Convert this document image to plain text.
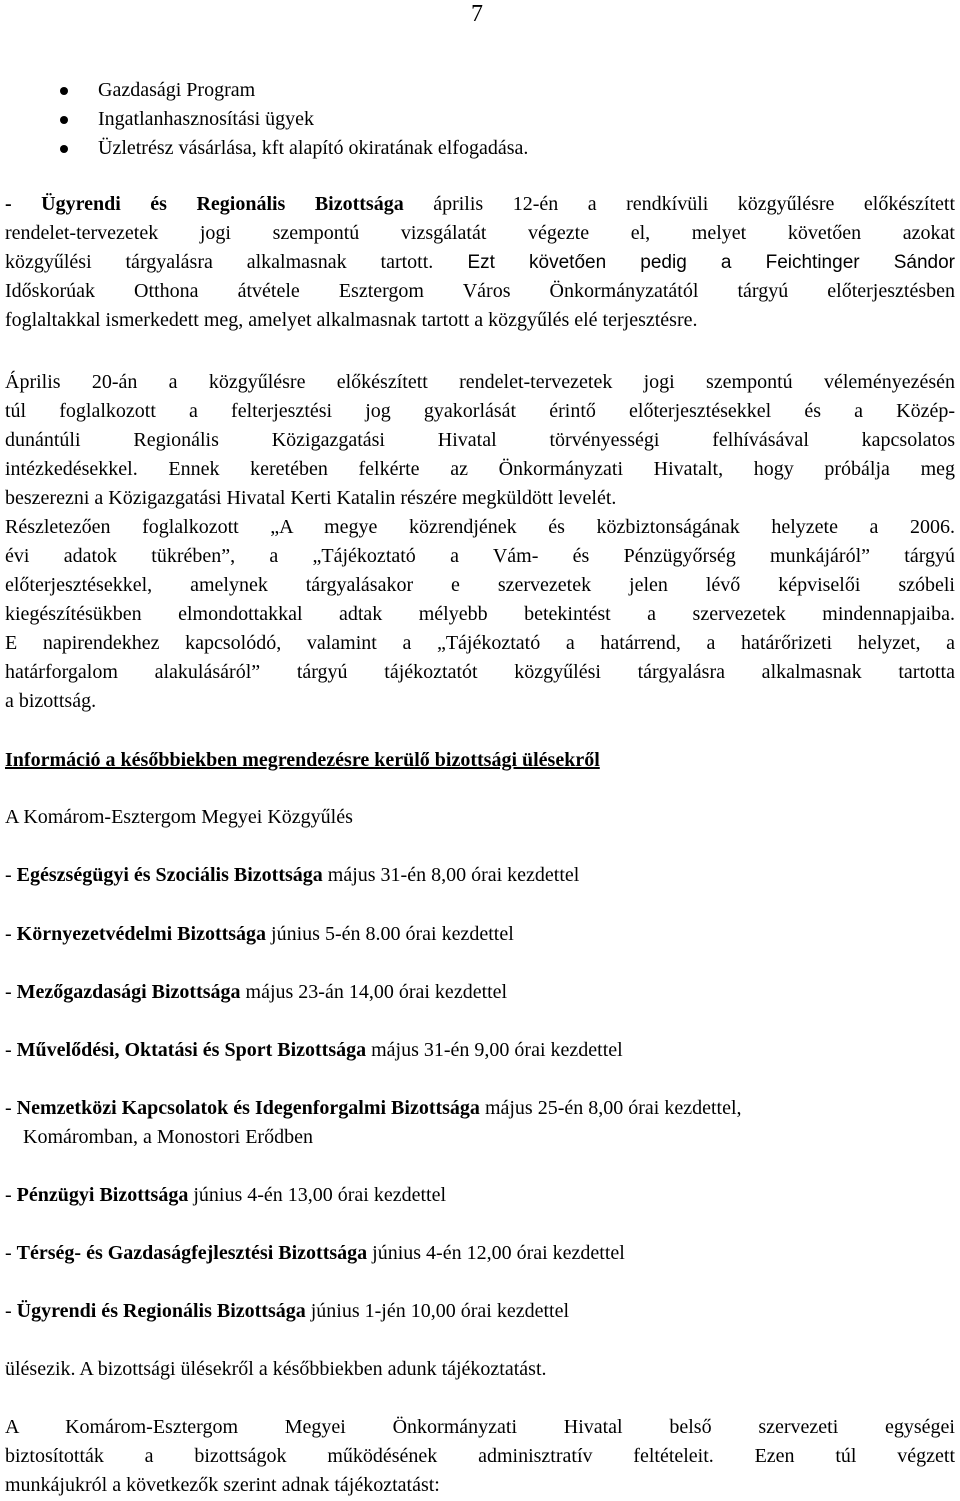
7
Gazdasági Program
Ingatlanhasznosítási ügyek
Üzletrész vásárlása, kft alapító okiratának elfogadása.
- Ügyrendi és Regionális Bizottsága április 12-én a rendkívüli közgyűlésre előkészített
rendelet-tervezetek jogi szempontú vizsgálatát végezte el, melyet követően azokat
közgyűlési tárgyalásra alkalmasnak tartott. Ezt követően pedig a Feichtinger Sándor
Időskorúak Otthona átvétele Esztergom Város Önkormányzatától tárgyú előterjesztésben
foglaltakkal ismerkedett meg, amelyet alkalmasnak tartott a közgyűlés elé terjesztésre.
Április 20-án a közgyűlésre előkészített rendelet-tervezetek jogi szempontú véleményezésén
túl foglalkozott a felterjesztési jog gyakorlását érintő előterjesztésekkel és a Közép-
dunántúli Regionális Közigazgatási Hivatal törvényességi felhívásával kapcsolatos
intézkedésekkel. Ennek keretében felkérte az Önkormányzati Hivatalt, hogy próbálja meg
beszerezni a Közigazgatási Hivatal Kerti Katalin részére megküldött levelét.
Részletezően foglalkozott „A megye közrendjének és közbiztonságának helyzete a 2006.
évi adatok tükrében”, a „Tájékoztató a Vám- és Pénzügyőrség munkájáról” tárgyú
előterjesztésekkel, amelynek tárgyalásakor e szervezetek jelen lévő képviselői szóbeli
kiegészítésükben elmondottakkal adtak mélyebb betekintést a szervezetek mindennapjaiba.
E napirendekhez kapcsolódó, valamint a „Tájékoztató a határrend, a határőrizeti helyzet, a
határforgalom alakulásáról” tárgyú tájékoztatót közgyűlési tárgyalásra alkalmasnak tartotta
a bizottság.
Információ a későbbiekben megrendezésre kerülő bizottsági ülésekről
A Komárom-Esztergom Megyei Közgyűlés
- Egészségügyi és Szociális Bizottsága május 31-én 8,00 órai kezdettel
- Környezetvédelmi Bizottsága június 5-én 8.00 órai kezdettel
- Mezőgazdasági Bizottsága május 23-án 14,00 órai kezdettel
- Művelődési, Oktatási és Sport Bizottsága május 31-én 9,00 órai kezdettel
- Nemzetközi Kapcsolatok és Idegenforgalmi Bizottsága május 25-én 8,00 órai kezdettel,
Komáromban, a Monostori Erődben
- Pénzügyi Bizottsága június 4-én 13,00 órai kezdettel
- Térség- és Gazdaságfejlesztési Bizottsága június 4-én 12,00 órai kezdettel
- Ügyrendi és Regionális Bizottsága június 1-jén 10,00 órai kezdettel
ülésezik. A bizottsági ülésekről a későbbiekben adunk tájékoztatást.
A Komárom-Esztergom Megyei Önkormányzati Hivatal belső szervezeti egységei
biztosították a bizottságok működésének adminisztratív feltételeit. Ezen túl végzett
munkájukról a következők szerint adnak tájékoztatást:
